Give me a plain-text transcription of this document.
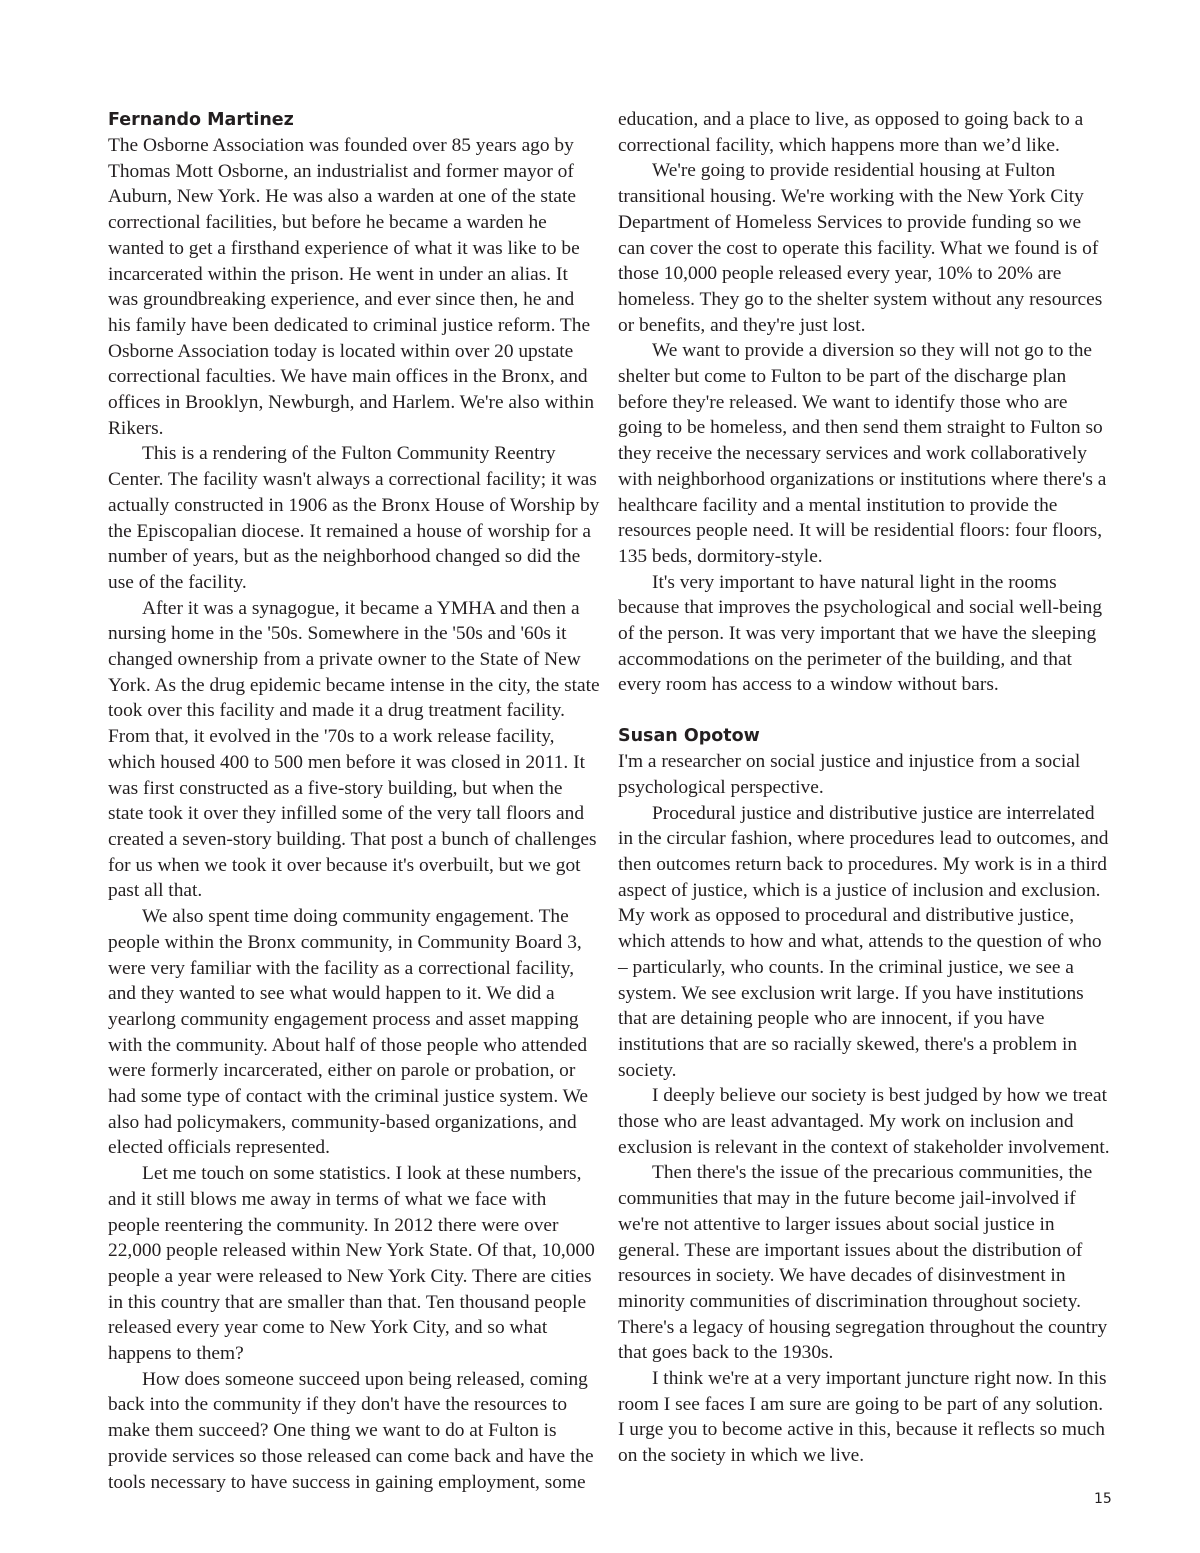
Fernando Martinez

The Osborne Association was founded over 85 years ago by Thomas Mott Osborne, an industrialist and former mayor of Auburn, New York. He was also a warden at one of the state correctional facilities, but before he became a warden he wanted to get a firsthand experience of what it was like to be incarcerated within the prison. He went in under an alias. It was groundbreaking experience, and ever since then, he and his family have been dedicated to criminal justice reform. The Osborne Association today is located within over 20 upstate correctional faculties. We have main offices in the Bronx, and offices in Brooklyn, Newburgh, and Harlem. We're also within Rikers.

This is a rendering of the Fulton Community Reentry Center. The facility wasn't always a correctional facility; it was actually constructed in 1906 as the Bronx House of Worship by the Episcopalian diocese. It remained a house of worship for a number of years, but as the neighborhood changed so did the use of the facility.

After it was a synagogue, it became a YMHA and then a nursing home in the '50s. Somewhere in the '50s and '60s it changed ownership from a private owner to the State of New York. As the drug epidemic became intense in the city, the state took over this facility and made it a drug treatment facility. From that, it evolved in the '70s to a work release facility, which housed 400 to 500 men before it was closed in 2011. It was first constructed as a five-story building, but when the state took it over they infilled some of the very tall floors and created a seven-story building. That post a bunch of challenges for us when we took it over because it's overbuilt, but we got past all that.

We also spent time doing community engagement. The people within the Bronx community, in Community Board 3, were very familiar with the facility as a correctional facility, and they wanted to see what would happen to it. We did a yearlong community engagement process and asset mapping with the community. About half of those people who attended were formerly incarcerated, either on parole or probation, or had some type of contact with the criminal justice system. We also had policymakers, community-based organizations, and elected officials represented.

Let me touch on some statistics. I look at these numbers, and it still blows me away in terms of what we face with people reentering the community. In 2012 there were over 22,000 people released within New York State. Of that, 10,000 people a year were released to New York City. There are cities in this country that are smaller than that. Ten thousand people released every year come to New York City, and so what happens to them?

How does someone succeed upon being released, coming back into the community if they don't have the resources to make them succeed? One thing we want to do at Fulton is provide services so those released can come back and have the tools necessary to have success in gaining employment, some

education, and a place to live, as opposed to going back to a correctional facility, which happens more than we’d like.

We're going to provide residential housing at Fulton transitional housing. We're working with the New York City Department of Homeless Services to provide funding so we can cover the cost to operate this facility. What we found is of those 10,000 people released every year, 10% to 20% are homeless. They go to the shelter system without any resources or benefits, and they're just lost.

We want to provide a diversion so they will not go to the shelter but come to Fulton to be part of the discharge plan before they're released. We want to identify those who are going to be homeless, and then send them straight to Fulton so they receive the necessary services and work collaboratively with neighborhood organizations or institutions where there's a healthcare facility and a mental institution to provide the resources people need. It will be residential floors: four floors, 135 beds, dormitory-style.

It's very important to have natural light in the rooms because that improves the psychological and social well-being of the person. It was very important that we have the sleeping accommodations on the perimeter of the building, and that every room has access to a window without bars.

Susan Opotow

I'm a researcher on social justice and injustice from a social psychological perspective.

Procedural justice and distributive justice are interrelated in the circular fashion, where procedures lead to outcomes, and then outcomes return back to procedures. My work is in a third aspect of justice, which is a justice of inclusion and exclusion. My work as opposed to procedural and distributive justice, which attends to how and what, attends to the question of who – particularly, who counts. In the criminal justice, we see a system. We see exclusion writ large. If you have institutions that are detaining people who are innocent, if you have institutions that are so racially skewed, there's a problem in society.

I deeply believe our society is best judged by how we treat those who are least advantaged. My work on inclusion and exclusion is relevant in the context of stakeholder involvement.

Then there's the issue of the precarious communities, the communities that may in the future become jail-involved if we're not attentive to larger issues about social justice in general. These are important issues about the distribution of resources in society. We have decades of disinvestment in minority communities of discrimination throughout society. There's a legacy of housing segregation throughout the country that goes back to the 1930s.

I think we're at a very important juncture right now. In this room I see faces I am sure are going to be part of any solution. I urge you to become active in this, because it reflects so much on the society in which we live.

15
